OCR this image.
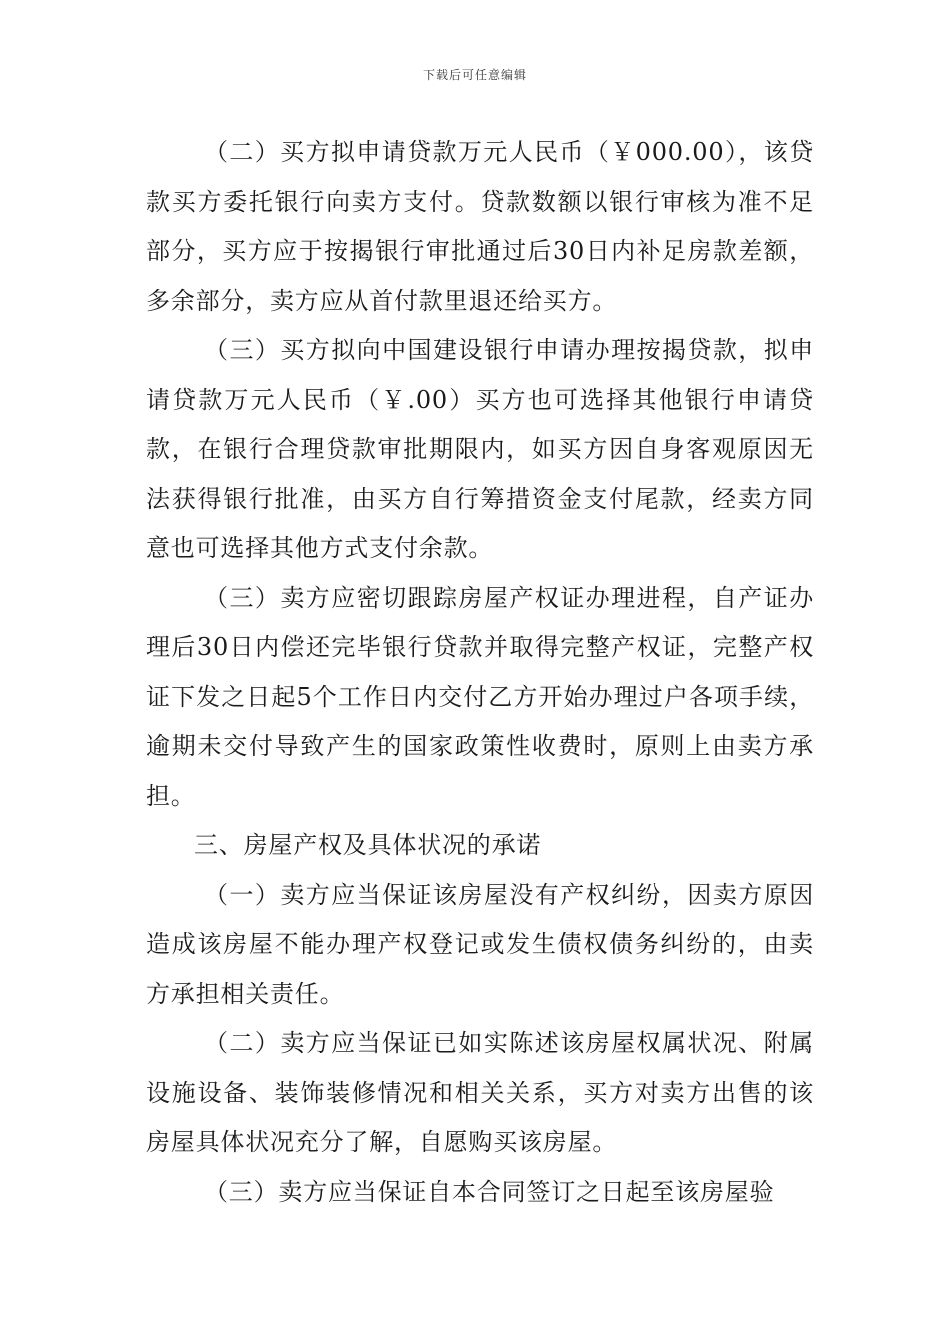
下载后可任意编辑

（二）买方拟申请贷款万元人民币（￥000.00），该贷款买方委托银行向卖方支付。贷款数额以银行审核为准不足部分，买方应于按揭银行审批通过后30日内补足房款差额，多余部分，卖方应从首付款里退还给买方。

（三）买方拟向中国建设银行申请办理按揭贷款，拟申请贷款万元人民币（￥.00）买方也可选择其他银行申请贷款，在银行合理贷款审批期限内，如买方因自身客观原因无法获得银行批准，由买方自行筹措资金支付尾款，经卖方同意也可选择其他方式支付余款。

（三）卖方应密切跟踪房屋产权证办理进程，自产证办理后30日内偿还完毕银行贷款并取得完整产权证，完整产权证下发之日起5个工作日内交付乙方开始办理过户各项手续，逾期未交付导致产生的国家政策性收费时，原则上由卖方承担。

三、房屋产权及具体状况的承诺

（一）卖方应当保证该房屋没有产权纠纷，因卖方原因造成该房屋不能办理产权登记或发生债权债务纠纷的，由卖方承担相关责任。

（二）卖方应当保证已如实陈述该房屋权属状况、附属设施设备、装饰装修情况和相关关系，买方对卖方出售的该房屋具体状况充分了解，自愿购买该房屋。

（三）卖方应当保证自本合同签订之日起至该房屋验
